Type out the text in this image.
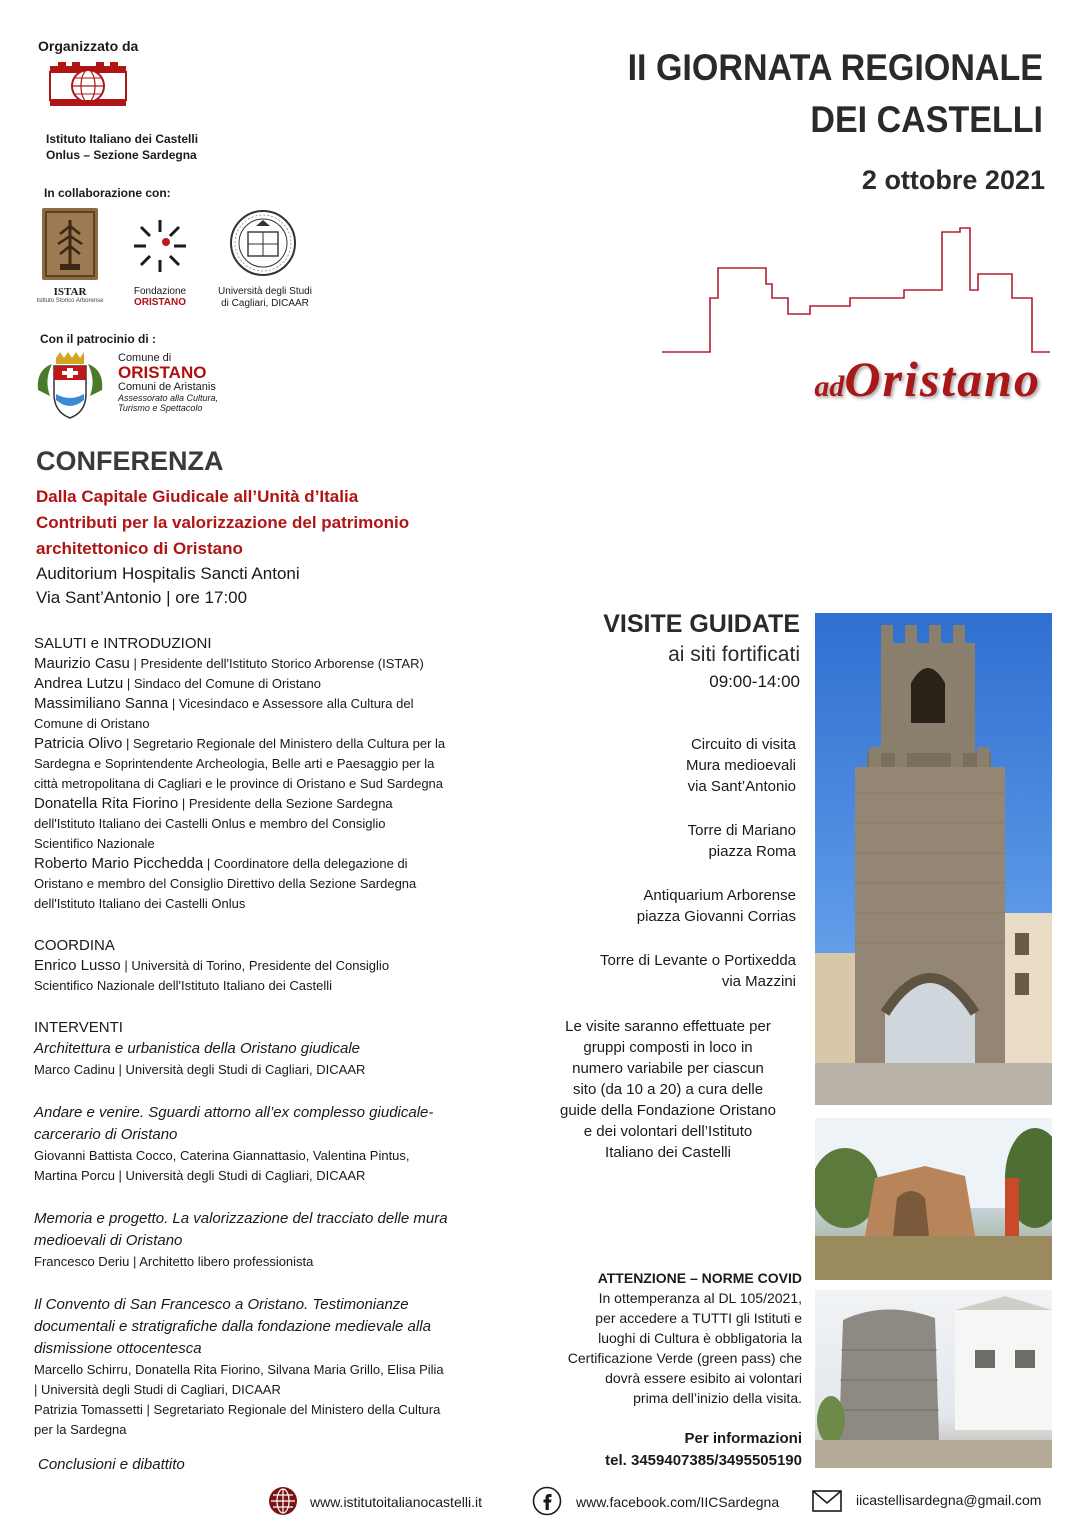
Organizzato da
Istituto Italiano dei Castelli
Onlus – Sezione Sardegna
In collaborazione con:
ISTAR
Istituto Storico Arborense
Fondazione
ORISTANO
Università degli Studi
di Cagliari, DICAAR
Con il patrocinio di :
Comune di
ORISTANO
Comuni de Aristanis
Assessorato alla Cultura,
Turismo e Spettacolo
II GIORNATA REGIONALE
DEI CASTELLI
2 ottobre 2021
adOristano
CONFERENZA
Dalla Capitale Giudicale all’Unità d’Italia
Contributi per la valorizzazione del patrimonio
architettonico di Oristano
Auditorium Hospitalis Sancti Antoni
Via Sant’Antonio | ore 17:00
SALUTI e INTRODUZIONI
Maurizio Casu | Presidente dell'Istituto Storico Arborense (ISTAR)
Andrea Lutzu | Sindaco del Comune di Oristano
Massimiliano Sanna | Vicesindaco e Assessore alla Cultura del
Comune di Oristano
Patricia Olivo | Segretario Regionale del Ministero della Cultura per la
Sardegna e Soprintendente Archeologia, Belle arti e Paesaggio per la
città metropolitana di Cagliari e le province di Oristano e Sud Sardegna
Donatella Rita Fiorino | Presidente della Sezione Sardegna
dell'Istituto Italiano dei Castelli Onlus e membro del Consiglio
Scientifico Nazionale
Roberto Mario Picchedda | Coordinatore della delegazione di
Oristano e membro del Consiglio Direttivo della Sezione Sardegna
dell'Istituto Italiano dei Castelli Onlus
COORDINA
Enrico Lusso | Università di Torino, Presidente del Consiglio
Scientifico Nazionale dell'Istituto Italiano dei Castelli
INTERVENTI
Architettura e urbanistica della Oristano giudicale
Marco Cadinu | Università degli Studi di Cagliari, DICAAR
Andare e venire. Sguardi attorno all’ex complesso giudicale-
carcerario di Oristano
Giovanni Battista Cocco, Caterina Giannattasio, Valentina Pintus,
Martina Porcu | Università degli Studi di Cagliari, DICAAR
Memoria e progetto. La valorizzazione del tracciato delle mura
medioevali di Oristano
Francesco Deriu | Architetto libero professionista
Il Convento di San Francesco a Oristano. Testimonianze
documentali e stratigrafiche dalla fondazione medievale alla
dismissione ottocentesca
Marcello Schirru, Donatella Rita Fiorino, Silvana Maria Grillo, Elisa Pilia
| Università degli Studi di Cagliari, DICAAR
Patrizia Tomassetti | Segretariato Regionale del Ministero della Cultura
per la Sardegna
Conclusioni e dibattito
VISITE GUIDATE
ai siti fortificati
09:00-14:00
Circuito di visita
Mura medioevali
via Sant’Antonio
Torre di Mariano
piazza Roma
Antiquarium Arborense
piazza Giovanni Corrias
Torre di Levante o Portixedda
via Mazzini
Le visite saranno effettuate per
gruppi composti in loco in
numero variabile per ciascun
sito (da 10 a 20) a cura delle
guide della Fondazione Oristano
e dei volontari dell’Istituto
Italiano dei Castelli
ATTENZIONE – NORME COVID
In ottemperanza al DL 105/2021,
per accedere a TUTTI gli Istituti e
luoghi di Cultura è obbligatoria la
Certificazione Verde (green pass) che
dovrà essere esibito ai volontari
prima dell’inizio della visita.
Per informazioni
tel. 3459407385/3495505190
www.istitutoitalianocastelli.it	www.facebook.com/IICSardegna	iicastellisardegna@gmail.com
